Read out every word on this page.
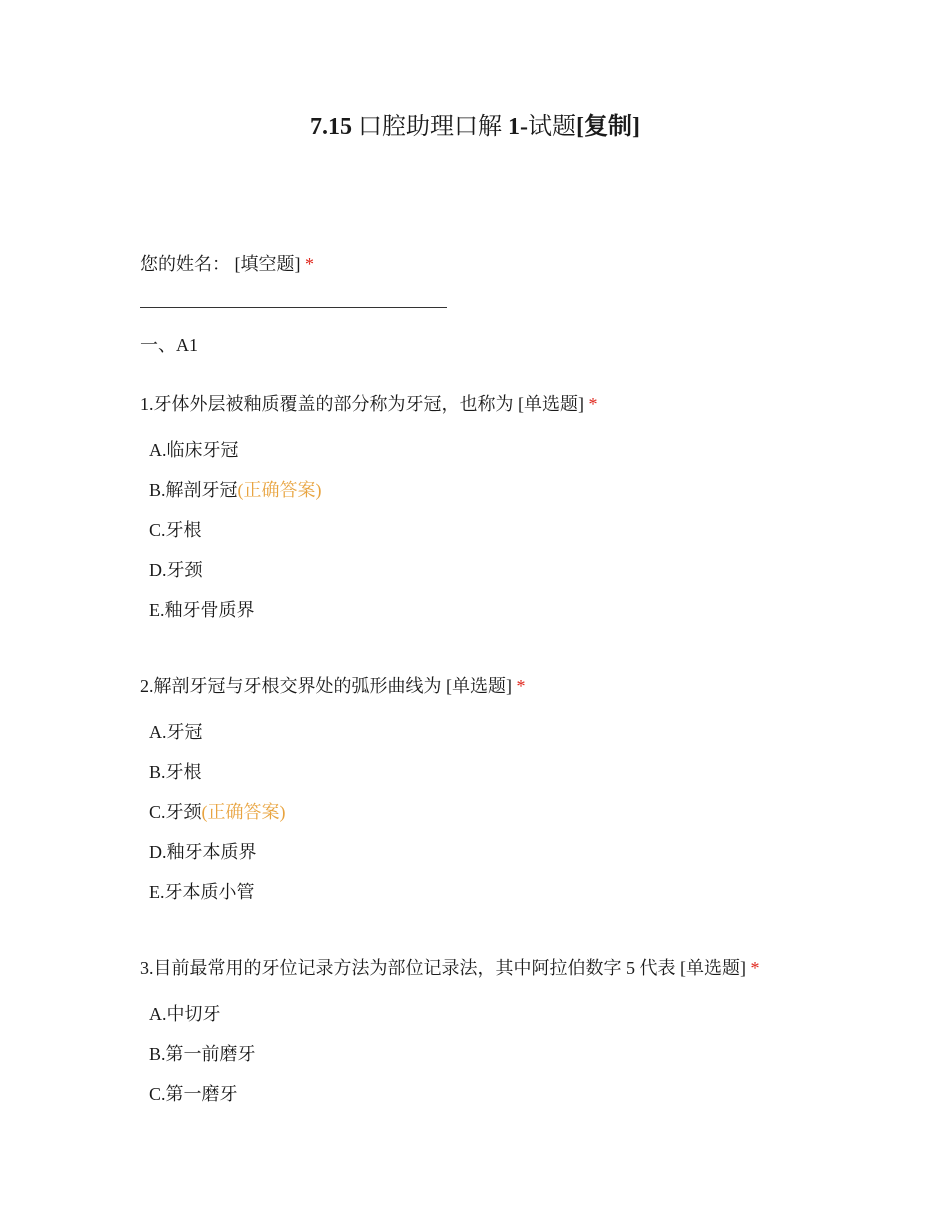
7.15 口腔助理口解 1-试题[复制]
您的姓名： [填空题] *
一、A1
1.牙体外层被釉质覆盖的部分称为牙冠，也称为 [单选题] *
A.临床牙冠
B.解剖牙冠(正确答案)
C.牙根
D.牙颈
E.釉牙骨质界
2.解剖牙冠与牙根交界处的弧形曲线为 [单选题] *
A.牙冠
B.牙根
C.牙颈(正确答案)
D.釉牙本质界
E.牙本质小管
3.目前最常用的牙位记录方法为部位记录法，其中阿拉伯数字 5 代表 [单选题] *
A.中切牙
B.第一前磨牙
C.第一磨牙
